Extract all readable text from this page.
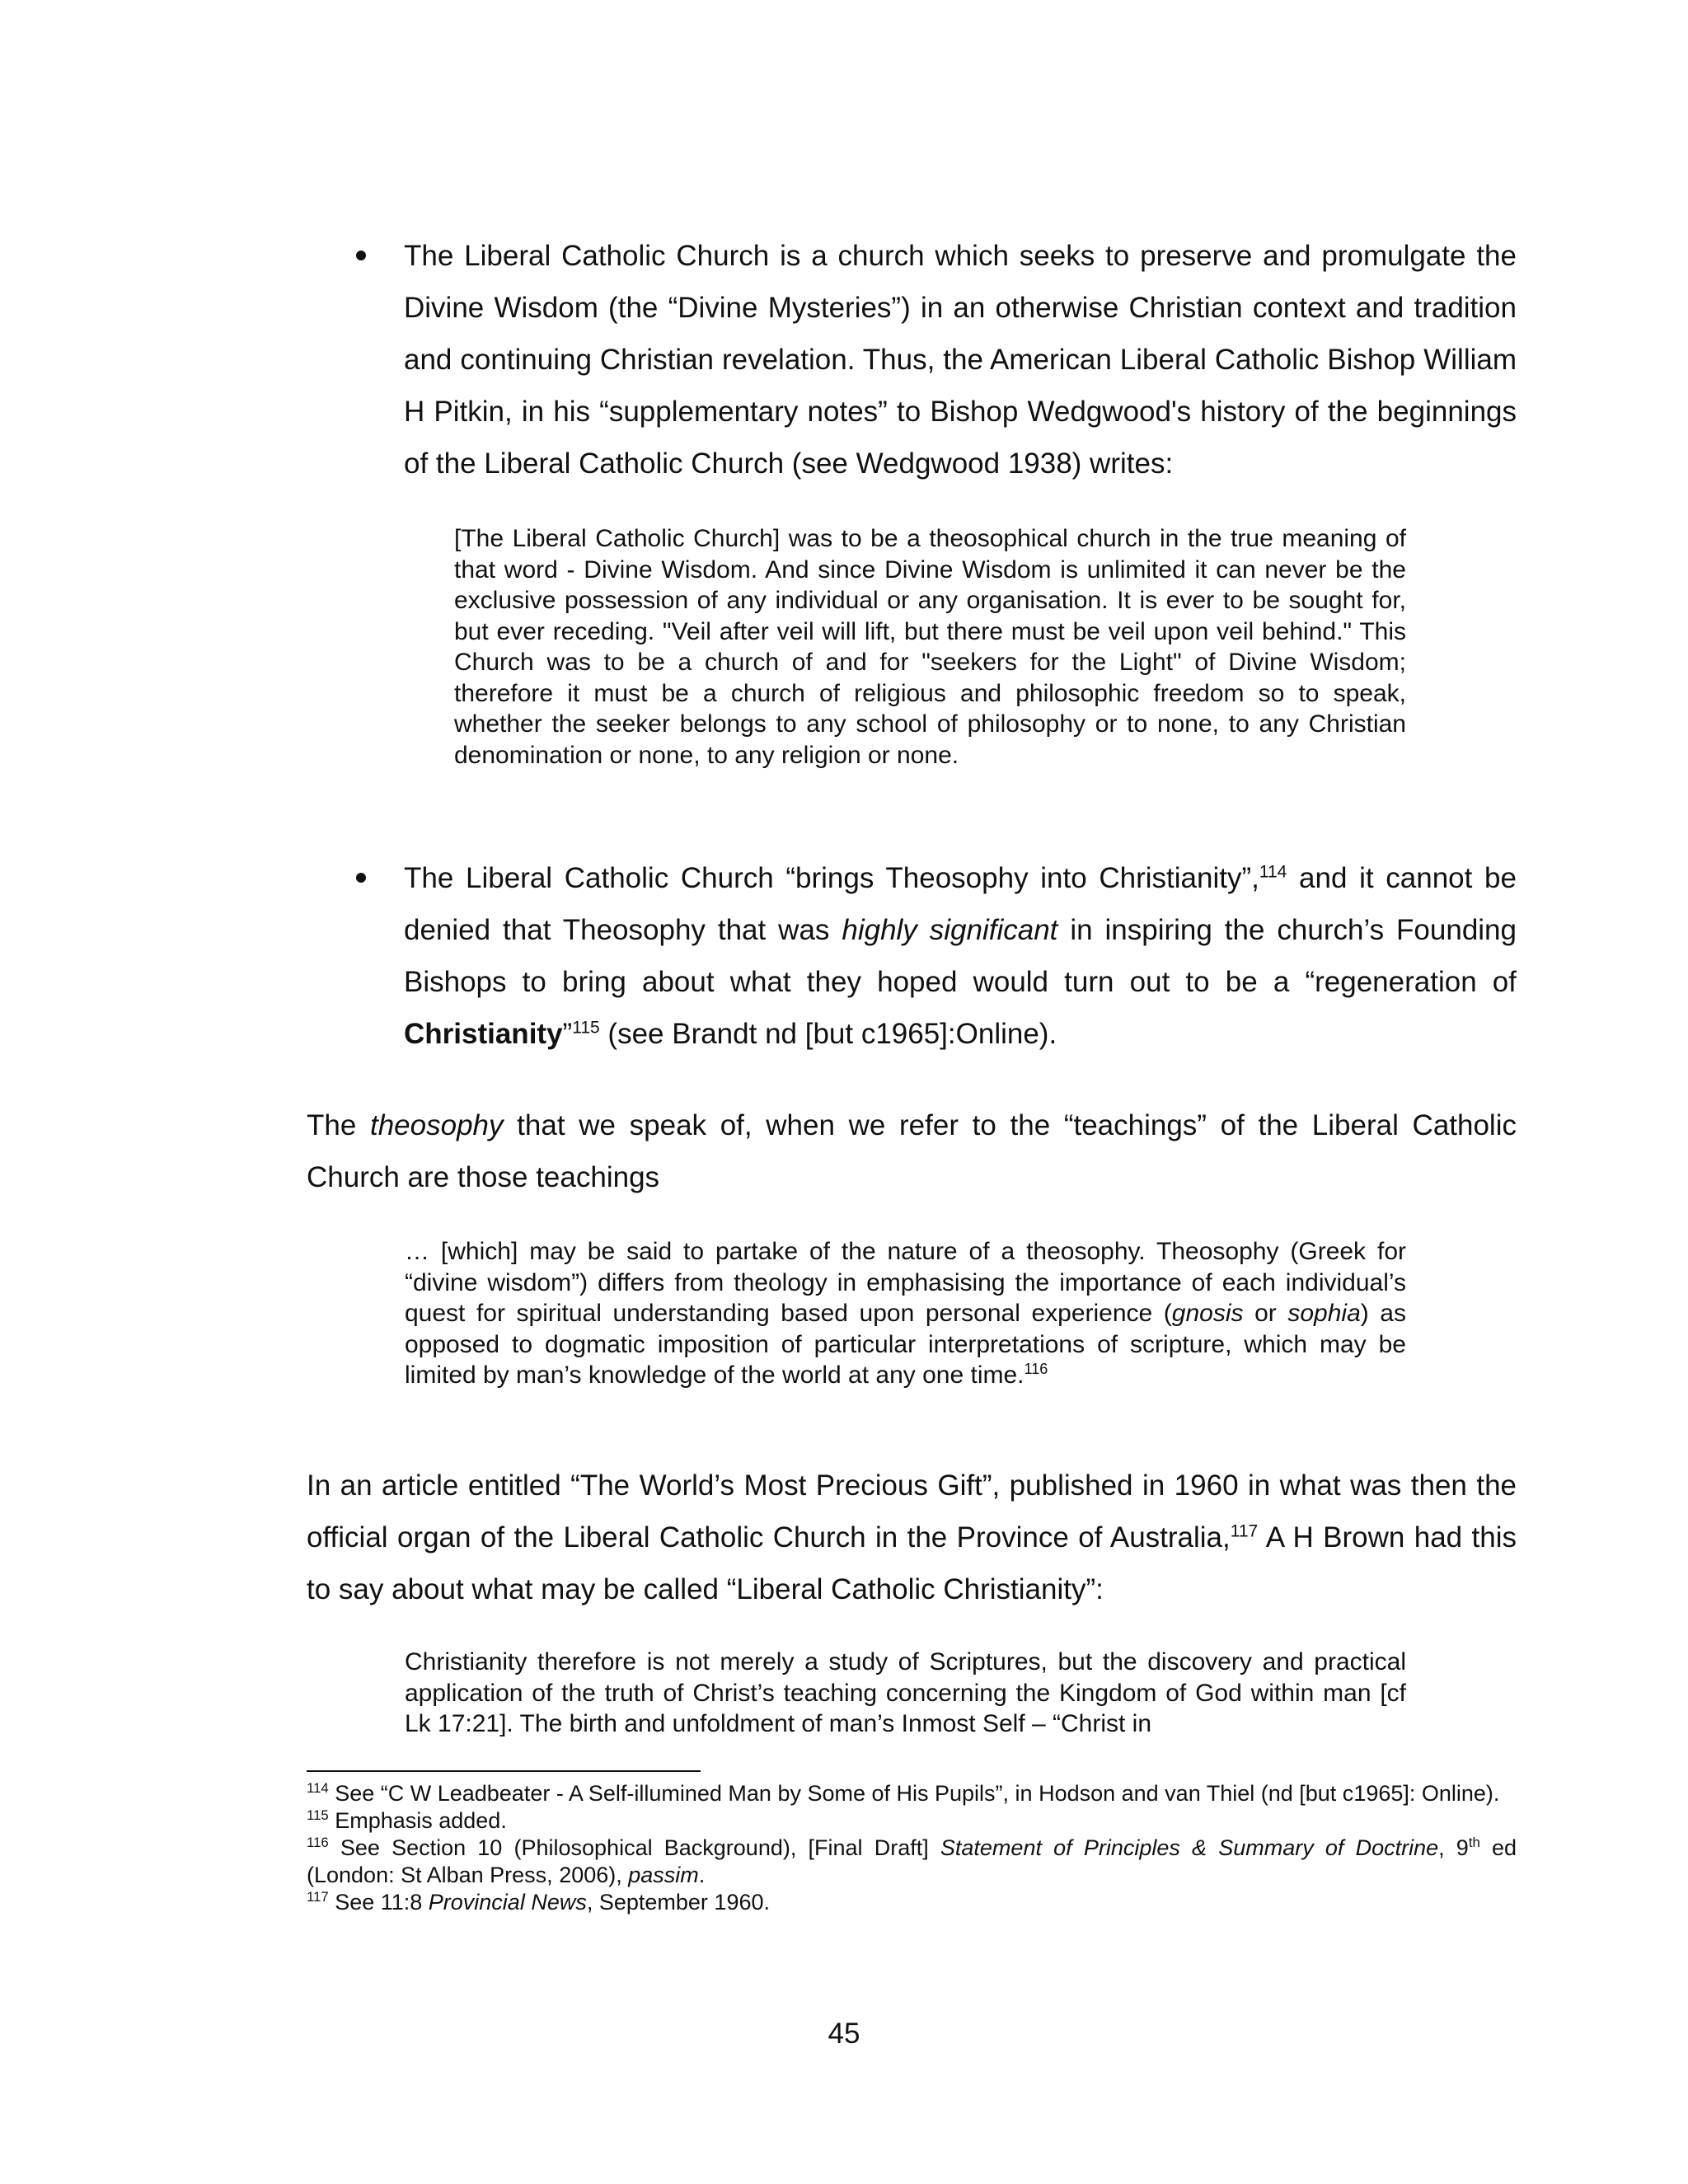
The Liberal Catholic Church is a church which seeks to preserve and promulgate the Divine Wisdom (the “Divine Mysteries”) in an otherwise Christian context and tradition and continuing Christian revelation. Thus, the American Liberal Catholic Bishop William H Pitkin, in his “supplementary notes” to Bishop Wedgwood's history of the beginnings of the Liberal Catholic Church (see Wedgwood 1938) writes:

[The Liberal Catholic Church] was to be a theosophical church in the true meaning of that word - Divine Wisdom. And since Divine Wisdom is unlimited it can never be the exclusive possession of any individual or any organisation. It is ever to be sought for, but ever receding. "Veil after veil will lift, but there must be veil upon veil behind." This Church was to be a church of and for "seekers for the Light" of Divine Wisdom; therefore it must be a church of religious and philosophic freedom so to speak, whether the seeker belongs to any school of philosophy or to none, to any Christian denomination or none, to any religion or none.

The Liberal Catholic Church “brings Theosophy into Christianity”,$^{114}$ and it cannot be denied that Theosophy that was highly significant in inspiring the church’s Founding Bishops to bring about what they hoped would turn out to be a “regeneration of Christianity”$^{115}$ (see Brandt nd [but c1965]:Online).

The theosophy that we speak of, when we refer to the “teachings” of the Liberal Catholic Church are those teachings

… [which] may be said to partake of the nature of a theosophy. Theosophy (Greek for “divine wisdom”) differs from theology in emphasising the importance of each individual’s quest for spiritual understanding based upon personal experience (gnosis or sophia) as opposed to dogmatic imposition of particular interpretations of scripture, which may be limited by man’s knowledge of the world at any one time.$^{116}$

In an article entitled “The World’s Most Precious Gift”, published in 1960 in what was then the official organ of the Liberal Catholic Church in the Province of Australia,$^{117}$ A H Brown had this to say about what may be called “Liberal Catholic Christianity”:

Christianity therefore is not merely a study of Scriptures, but the discovery and practical application of the truth of Christ’s teaching concerning the Kingdom of God within man [cf Lk 17:21]. The birth and unfoldment of man’s Inmost Self – “Christ in

$^{114}$ See “C W Leadbeater - A Self-illumined Man by Some of His Pupils”, in Hodson and van Thiel (nd [but c1965]: Online).

$^{115}$ Emphasis added.

$^{116}$ See Section 10 (Philosophical Background), [Final Draft] Statement of Principles & Summary of Doctrine, 9th ed (London: St Alban Press, 2006), passim.

$^{117}$ See 11:8 Provincial News, September 1960.

45
